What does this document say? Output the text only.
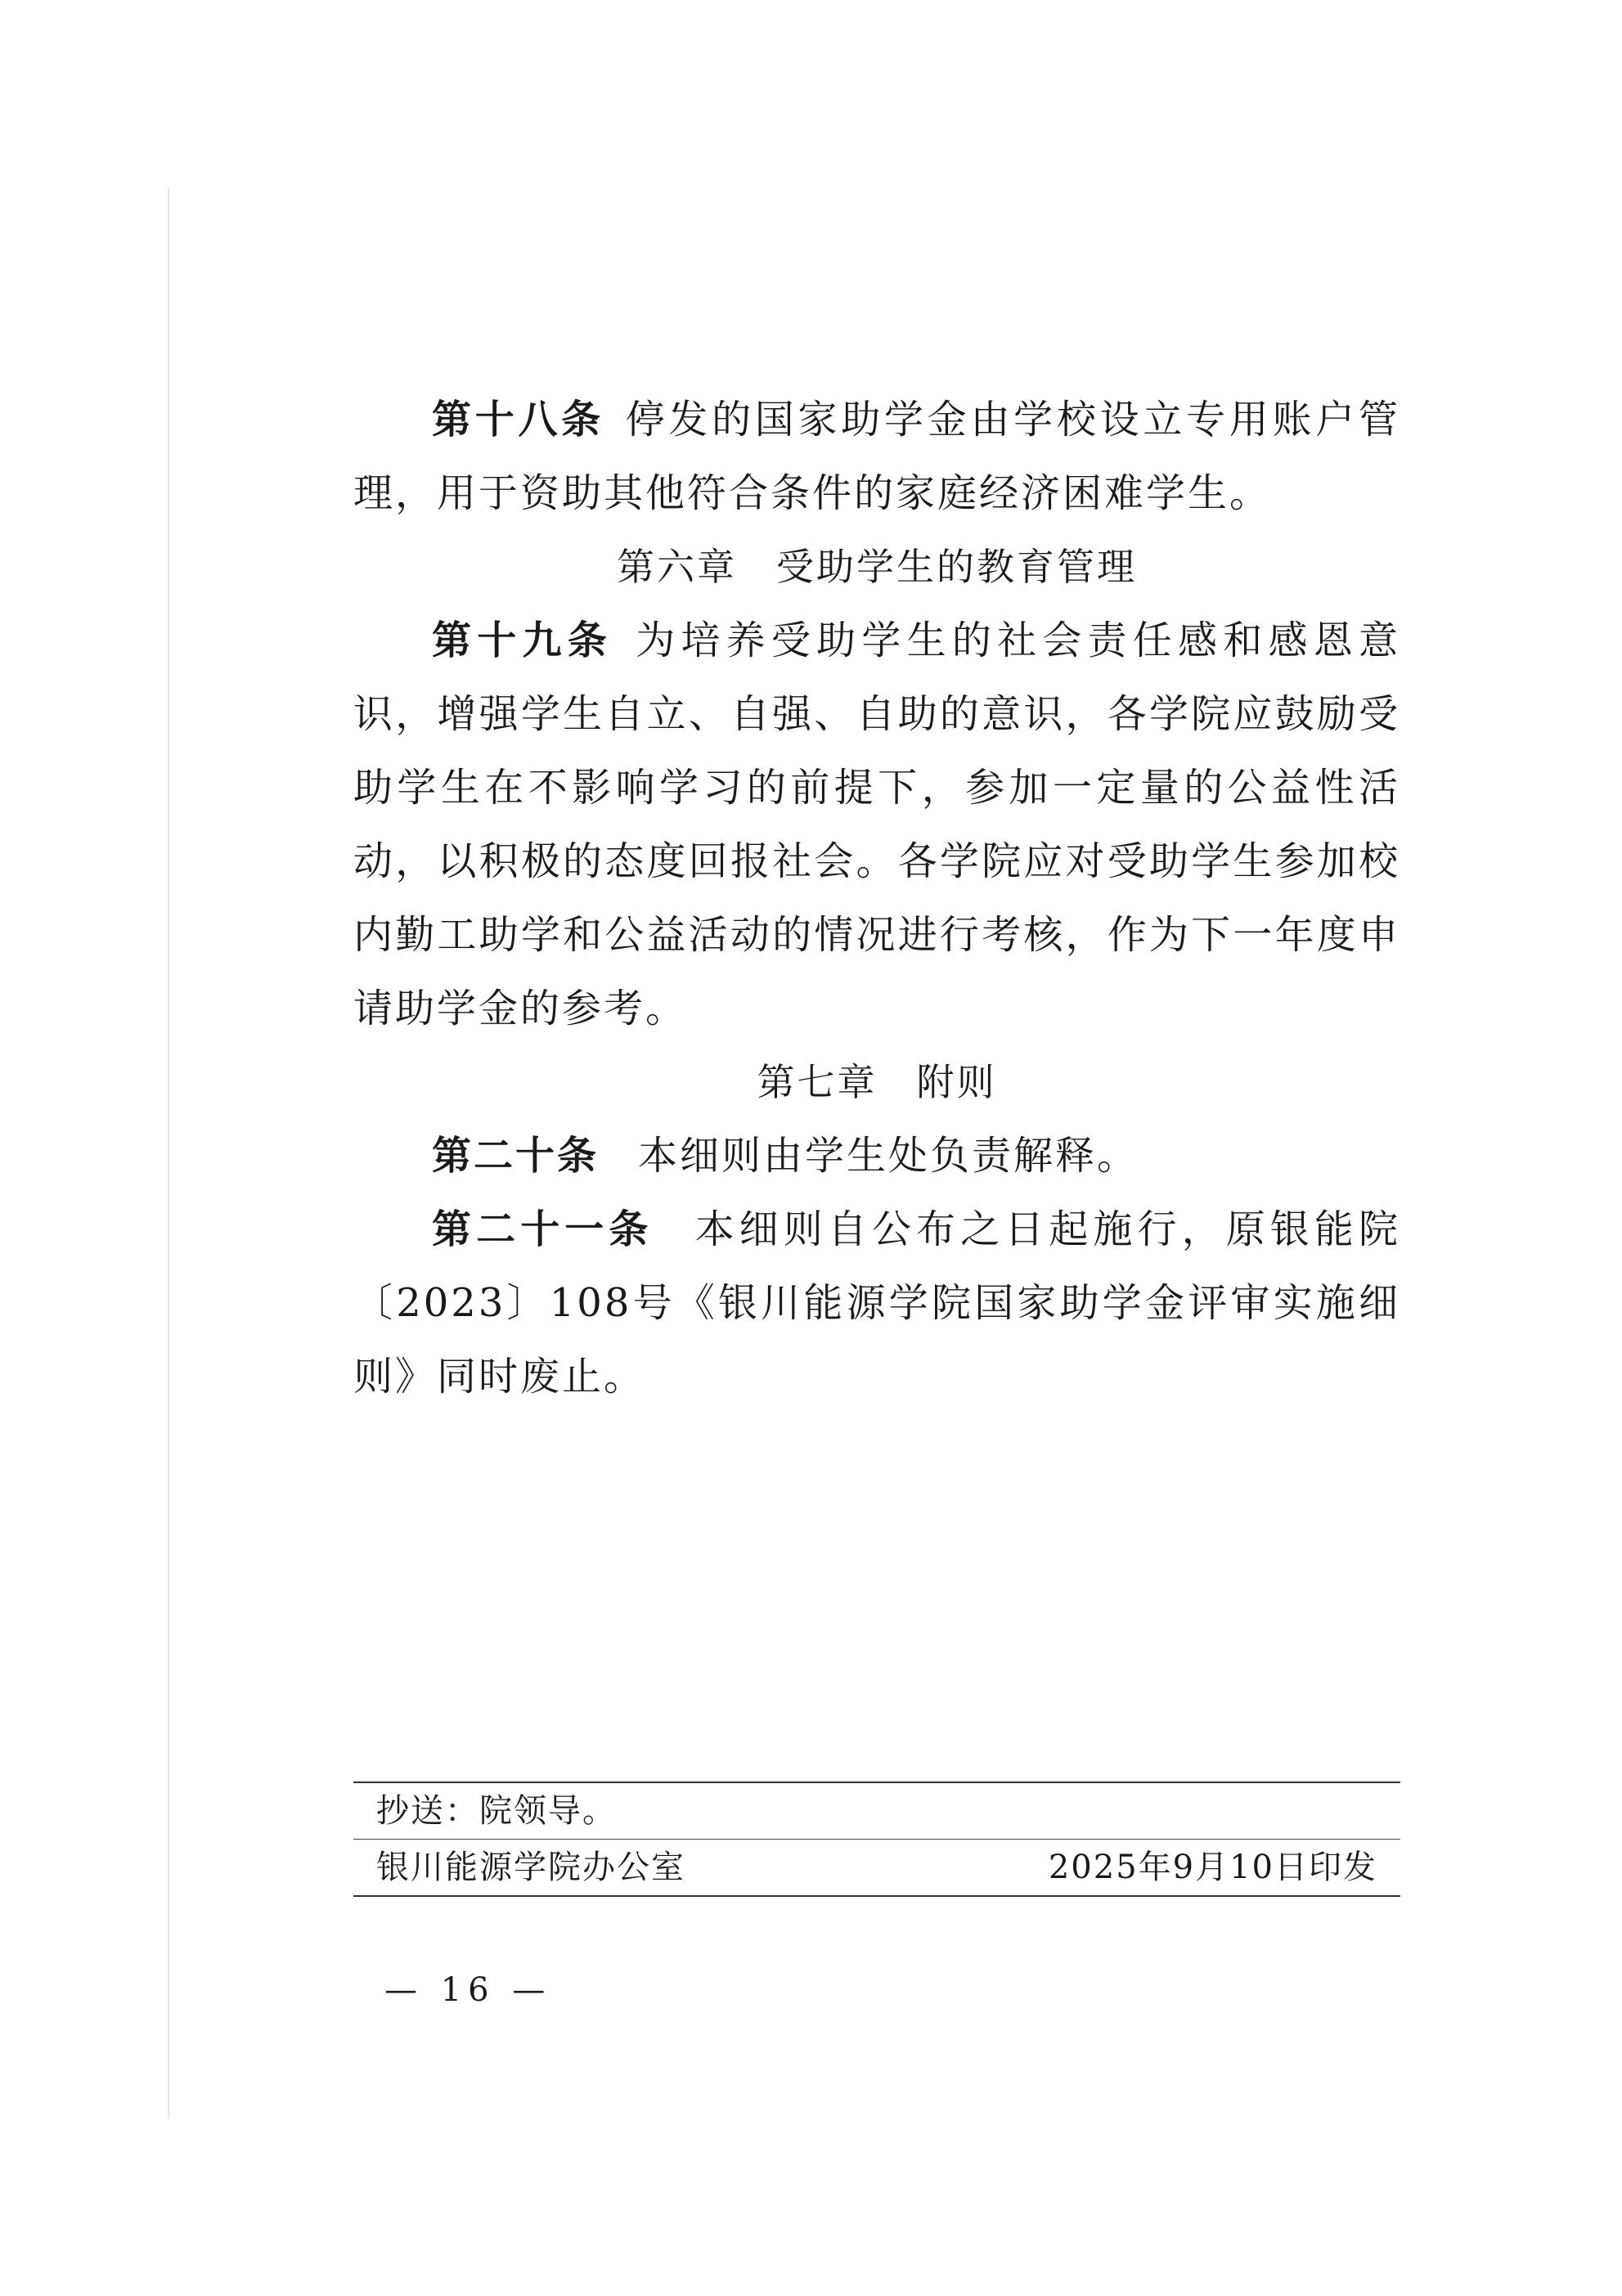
第十八条 停发的国家助学金由学校设立专用账户管理，用于资助其他符合条件的家庭经济困难学生。

第六章 受助学生的教育管理

第十九条 为培养受助学生的社会责任感和感恩意识，增强学生自立、自强、自助的意识，各学院应鼓励受助学生在不影响学习的前提下，参加一定量的公益性活动，以积极的态度回报社会。各学院应对受助学生参加校内勤工助学和公益活动的情况进行考核，作为下一年度申请助学金的参考。

第七章 附则

第二十条 本细则由学生处负责解释。

第二十一条 本细则自公布之日起施行，原银能院〔2023〕108号《银川能源学院国家助学金评审实施细则》同时废止。

抄送：院领导。
银川能源学院办公室	2025年9月10日印发
— 16 —
